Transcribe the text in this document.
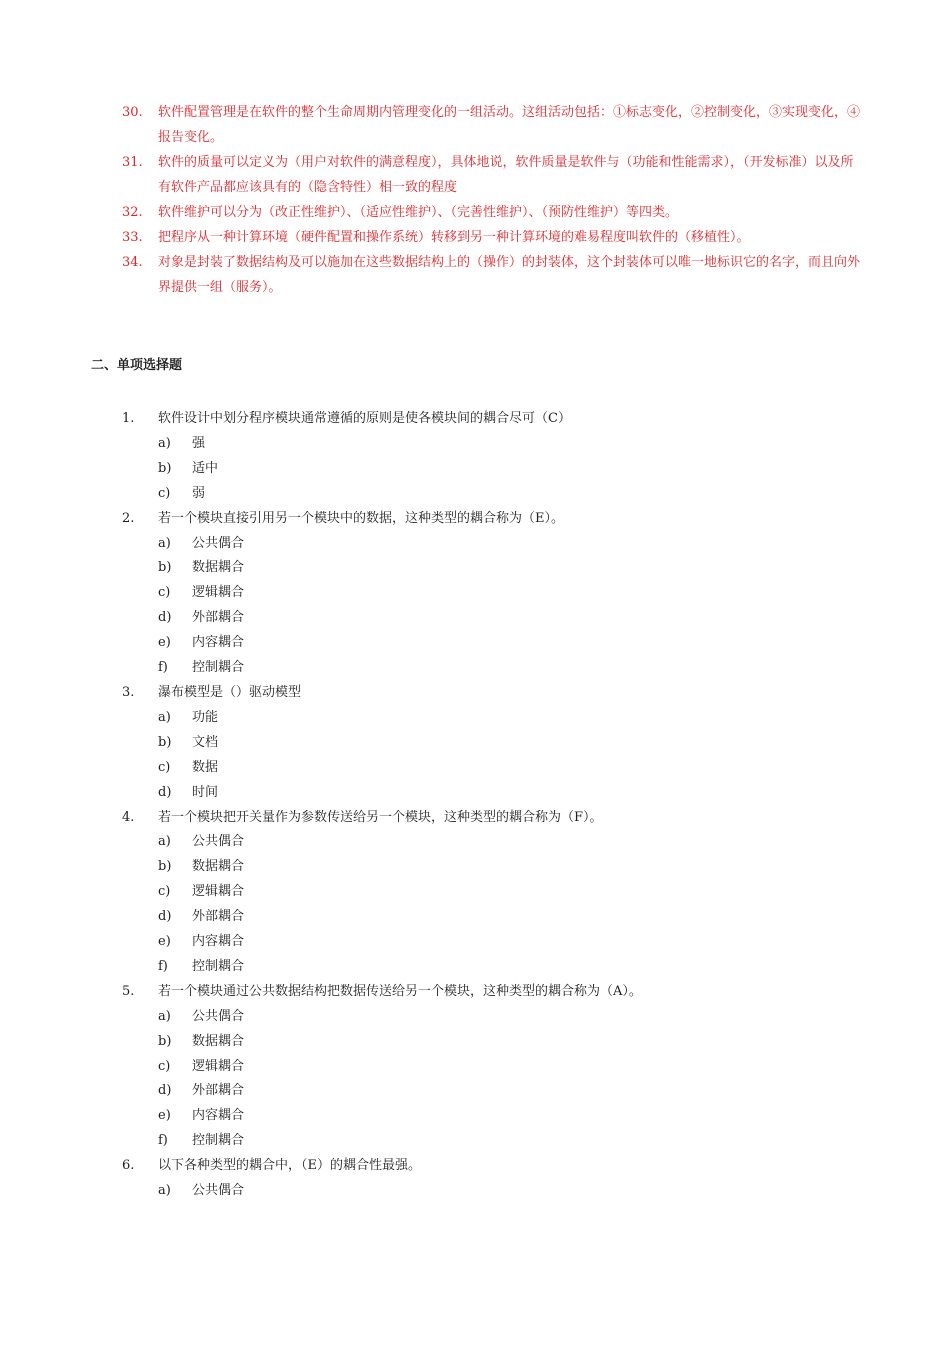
30.	软件配置管理是在软件的整个生命周期内管理变化的一组活动。这组活动包括：①标志变化，②控制变化，③实现变化，④报告变化。
31.	软件的质量可以定义为（用户对软件的满意程度），具体地说，软件质量是软件与（功能和性能需求），（开发标准）以及所有软件产品都应该具有的（隐含特性）相一致的程度
32.	软件维护可以分为（改正性维护）、（适应性维护）、（完善性维护）、（预防性维护）等四类。
33.	把程序从一种计算环境（硬件配置和操作系统）转移到另一种计算环境的难易程度叫软件的（移植性）。
34.	对象是封装了数据结构及可以施加在这些数据结构上的（操作）的封装体，这个封装体可以唯一地标识它的名字，而且向外界提供一组（服务）。
二、单项选择题
1.	软件设计中划分程序模块通常遵循的原则是使各模块间的耦合尽可（C）
a)	强
b)	适中
c)	弱
2.	若一个模块直接引用另一个模块中的数据，这种类型的耦合称为（E）。
a)	公共偶合
b)	数据耦合
c)	逻辑耦合
d)	外部耦合
e)	内容耦合
f)	控制耦合
3.	瀑布模型是（）驱动模型
a)	功能
b)	文档
c)	数据
d)	时间
4.	若一个模块把开关量作为参数传送给另一个模块，这种类型的耦合称为（F）。
a)	公共偶合
b)	数据耦合
c)	逻辑耦合
d)	外部耦合
e)	内容耦合
f)	控制耦合
5.	若一个模块通过公共数据结构把数据传送给另一个模块，这种类型的耦合称为（A）。
a)	公共偶合
b)	数据耦合
c)	逻辑耦合
d)	外部耦合
e)	内容耦合
f)	控制耦合
6.	以下各种类型的耦合中，（E）的耦合性最强。
a)	公共偶合
